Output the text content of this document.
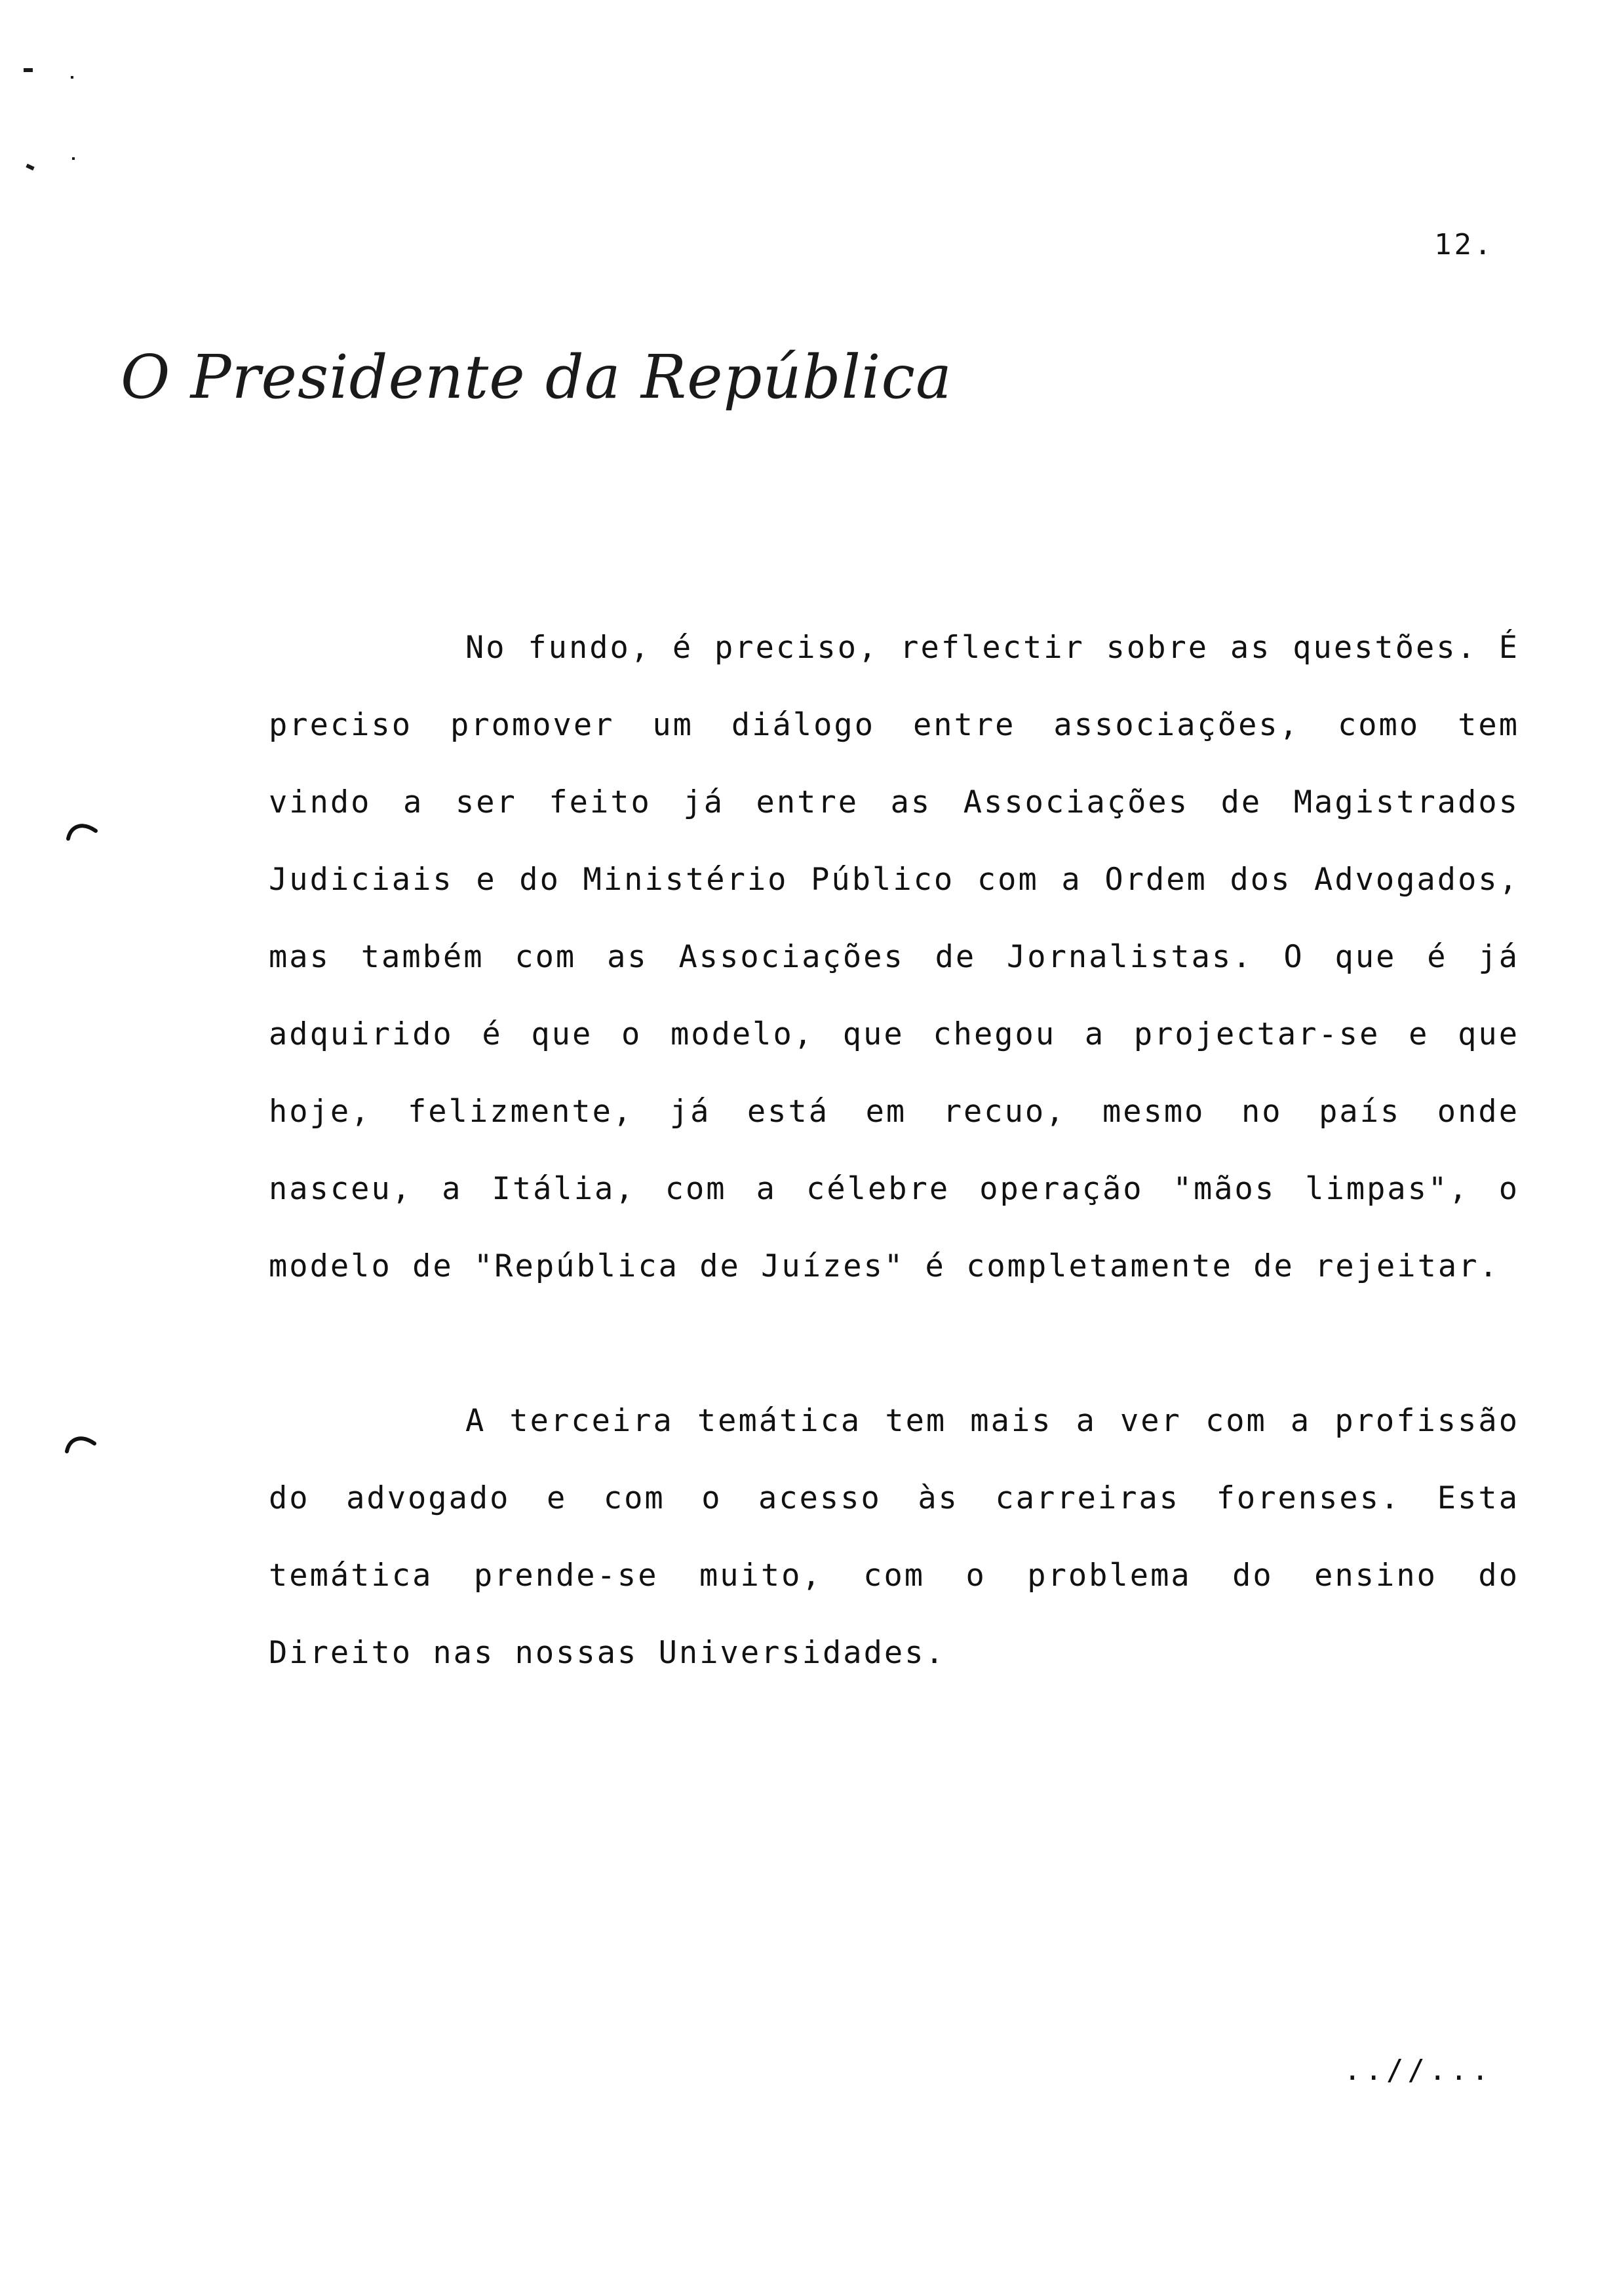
12.
O Presidente da República

No fundo, é preciso, reflectir sobre as questões. É preciso promover um diálogo entre associações, como tem vindo a ser feito já entre as Associações de Magistrados Judiciais e do Ministério Público com a Ordem dos Advogados, mas também com as Associações de Jornalistas. O que é já adquirido é que o modelo, que chegou a projectar-se e que hoje, felizmente, já está em recuo, mesmo no país onde nasceu, a Itália, com a célebre operação "mãos limpas", o modelo de "República de Juízes" é completamente de rejeitar.

A terceira temática tem mais a ver com a profissão do advogado e com o acesso às carreiras forenses. Esta temática prende-se muito, com o problema do ensino do Direito nas nossas Universidades.

..//...
